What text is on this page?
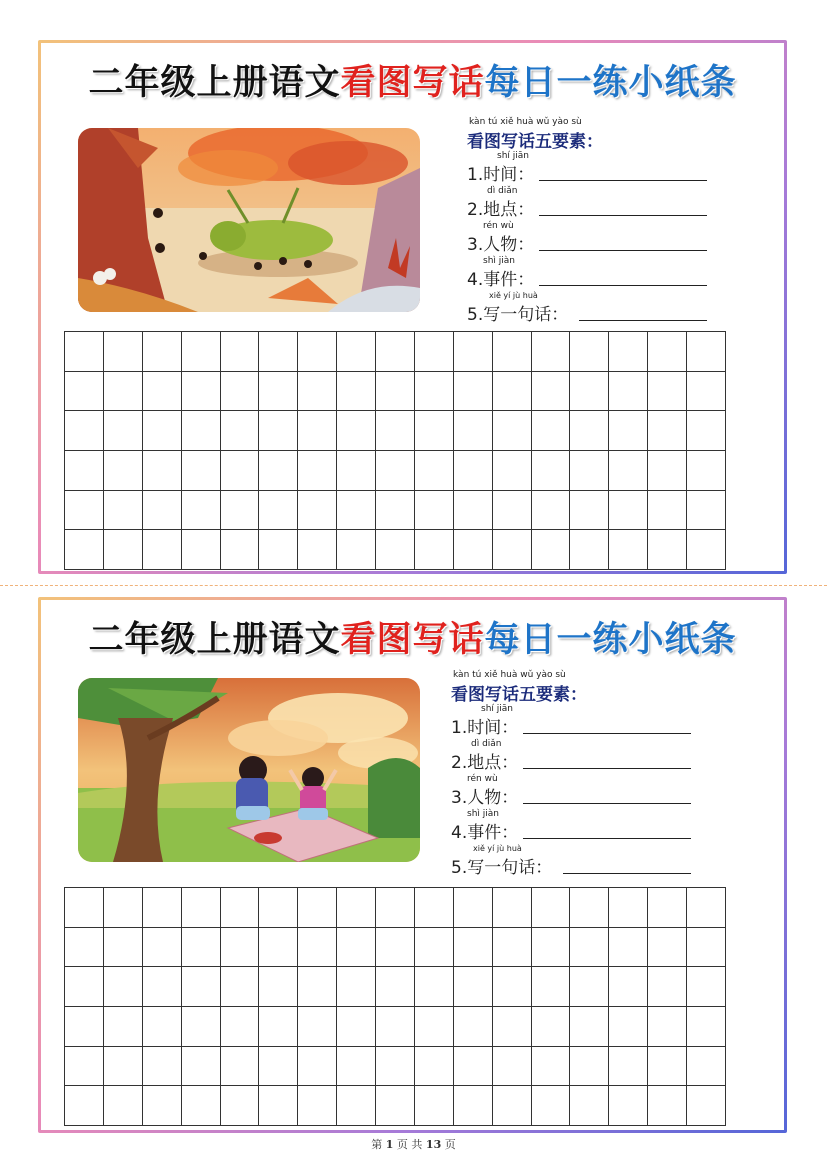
二年级上册语文看图写话每日一练小纸条
kàn tú xiě huà wǔ yào sù
看图写话五要素：
shí jiān
1.时间：
dì diǎn
2.地点：
rén wù
3.人物：
shì jiàn
4.事件：
xiě yí jù huà
5.写一句话：
二年级上册语文看图写话每日一练小纸条
kàn tú xiě huà wǔ yào sù
看图写话五要素：
shí jiān
1.时间：
dì diǎn
2.地点：
rén wù
3.人物：
shì jiàn
4.事件：
xiě yí jù huà
5.写一句话：
第 1 页 共 13 页
